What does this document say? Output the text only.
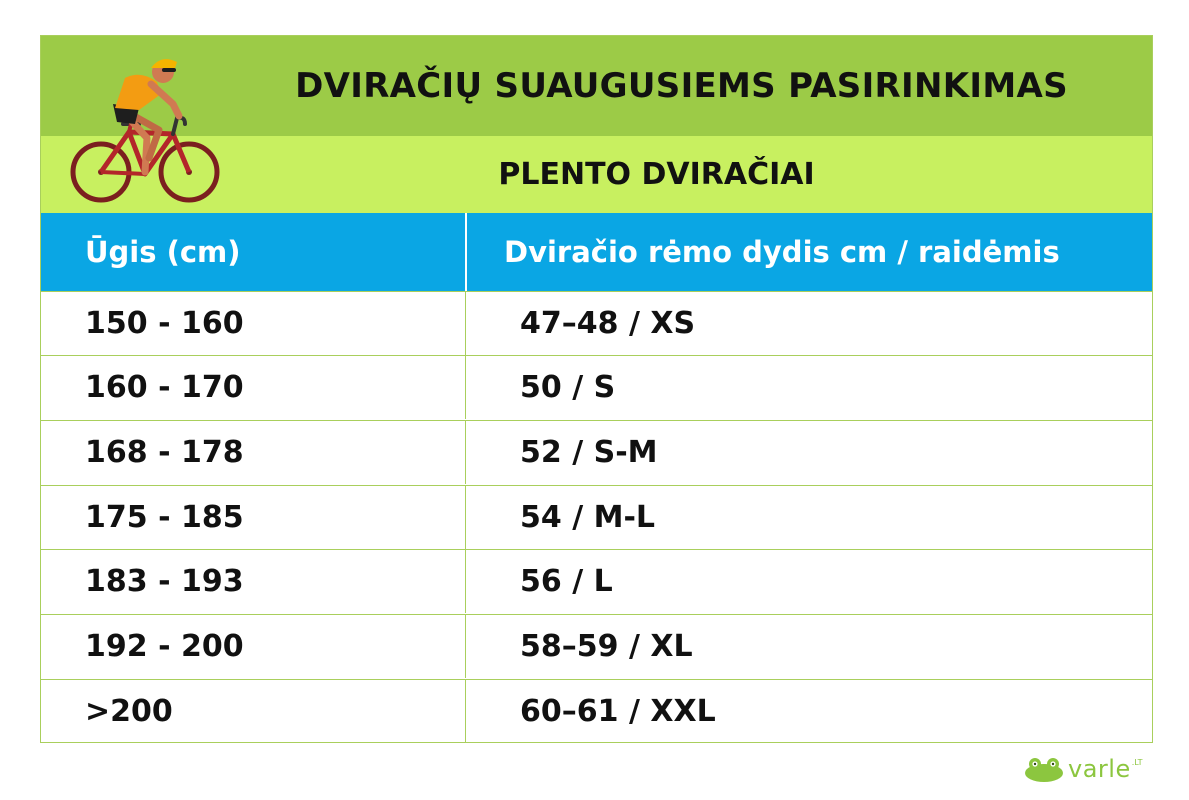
DVIRAČIŲ SUAUGUSIEMS PASIRINKIMAS
PLENTO DVIRAČIAI
Ūgis (cm)	Dviračio rėmo dydis cm / raidėmis
150 - 160	47–48 / XS
160 - 170	50 / S
168 - 178	52 / S-M
175 - 185	54 / M-L
183 - 193	56 / L
192 - 200	58–59 / XL
>200	60–61 / XXL
varle .LT
